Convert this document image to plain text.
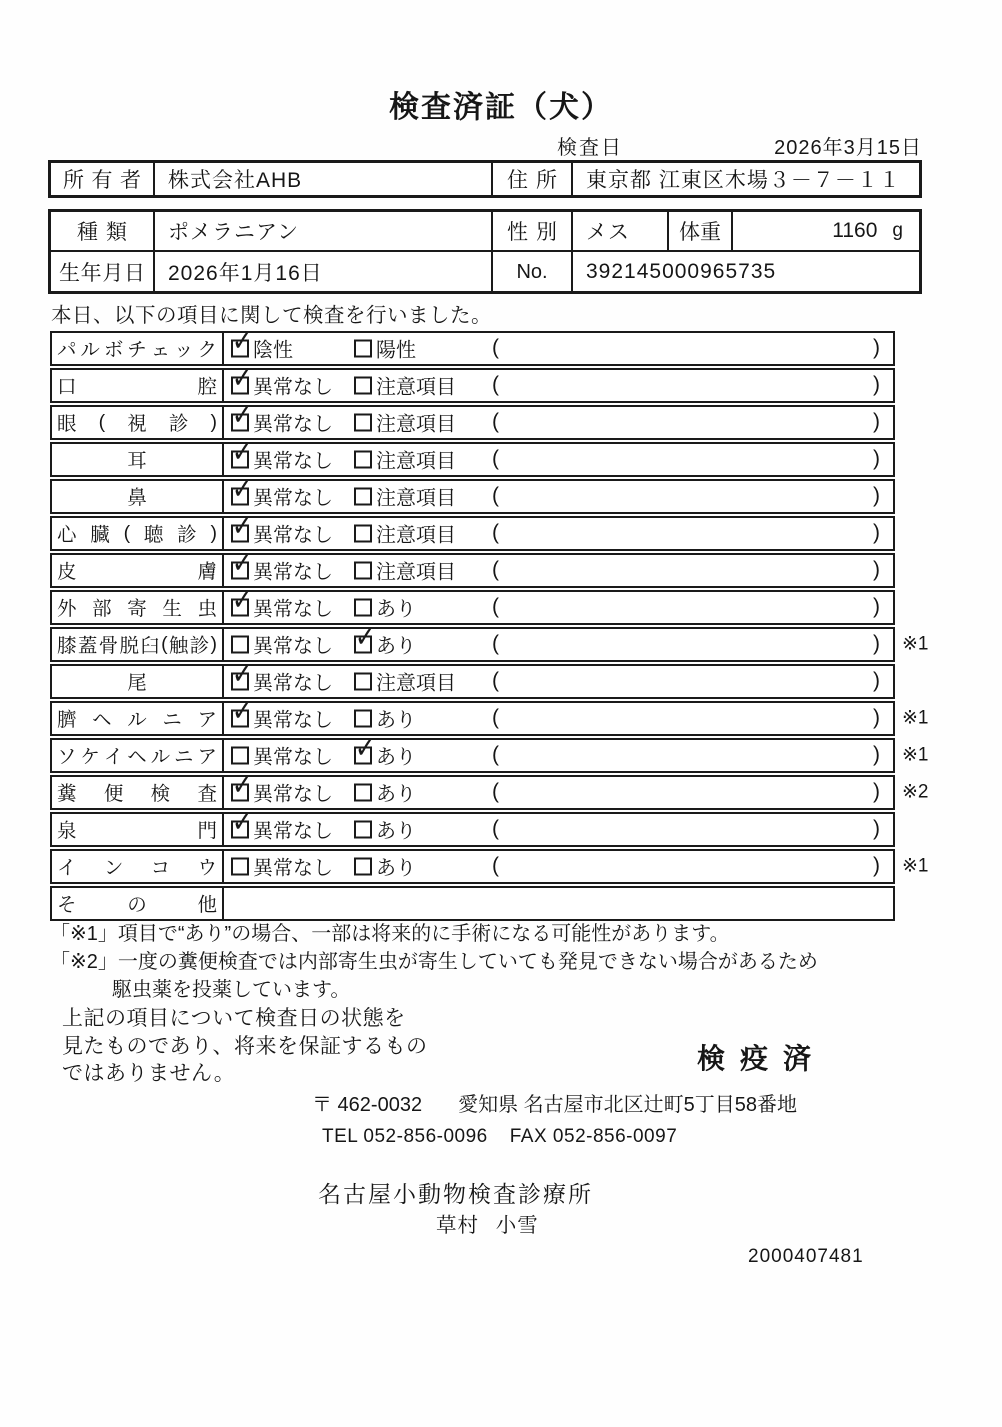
検査済証（犬）
検査日	2026年3月15日
所 有 者	株式会社AHB	住 所	東京都 江東区木場３－７－１１
種 類	ポメラニアン	性 別	メス	体 重	1160 g
生 年 月 日	2026年1月16日	No.	392145000965735
本日、以下の項目に関して検査を行いました。
パ ル ボ チ ェ ッ ク ✓ 陰性	陽性	(	)
口	腔 ✓ 異常なし 注意項目 (	)
眼 ( 視 診 ) ✓ 異常なし 注意項目 (	)
耳 ✓	異常なし 注意項目 (	)
鼻 ✓	異常なし 注意項目 (	)
心 臓 ( 聴 診 ) ✓ 異常なし 注意項目 (	)
皮	膚 ✓ 異常なし 注意項目 (	)
外 部 寄 生 虫 ✓ 異常なし あり	(	)
膝 蓋 骨 脱 臼 ( 触 診 ) 異常なし ✓ あり	(	) ※1
尾 ✓	異常なし 注意項目 (	)
臍 ヘ ル ニ ア ✓ 異常なし あり	(	) ※1
ソ ケ イ ヘ ル ニ ア 異常なし ✓ あり	(	) ※1
糞 便 検 査 ✓ 異常なし あり	(	) ※2
泉	門 ✓ 異常なし あり	(	)
イ ン コ ウ 異常なし あり	(	) ※1
そ	の	他
「※1」項目で“あり”の場合、一部は将来的に手術になる可能性があります。
「※2」一度の糞便検査では内部寄生虫が寄生していても発見できない場合があるため
駆虫薬を投薬しています。
上記の項目について検査日の状態を
見たものであり、将来を保証するもの
ではありません。	検疫済
〒 462-0032 愛知県 名古屋市北区辻町5丁目58番地
TEL 052-856-0096 FAX 052-856-0097
名古屋小動物検査診療所
草村 小雪
2000407481
